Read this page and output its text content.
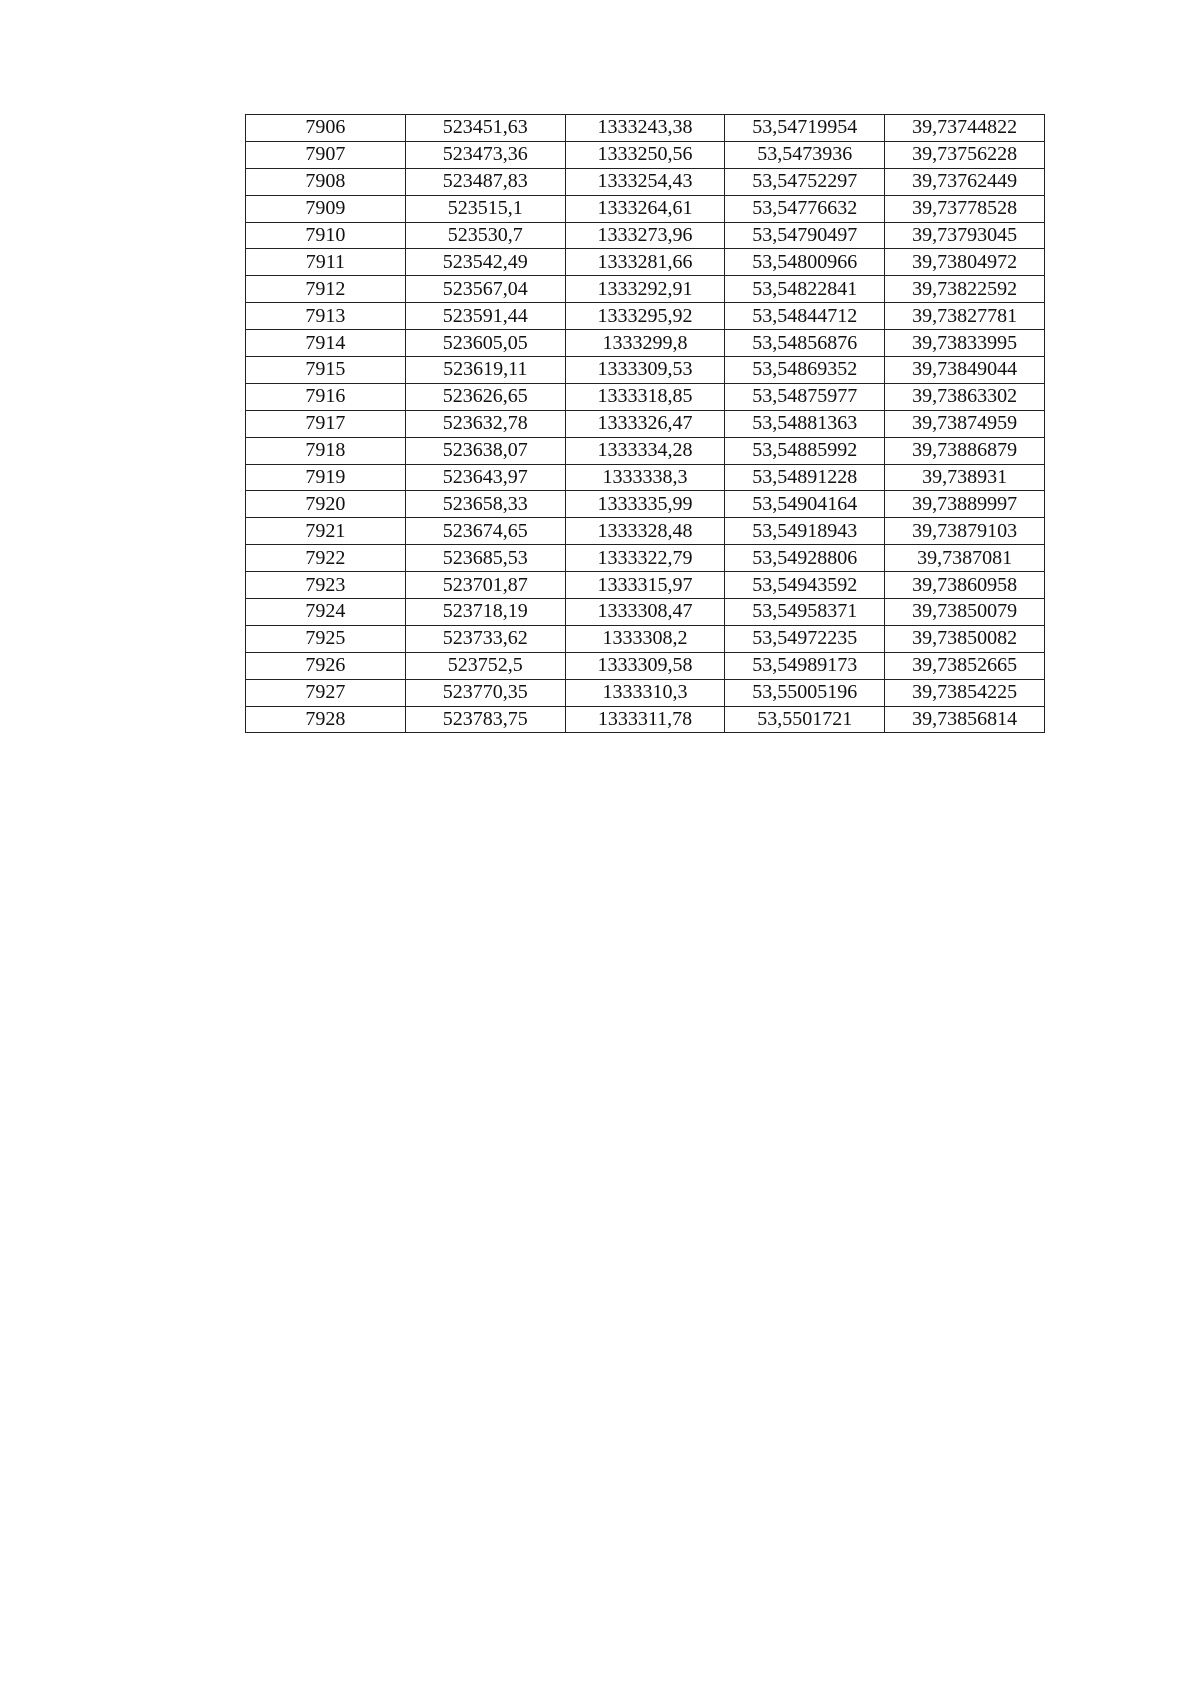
7906	523451,63	1333243,38	53,54719954	39,73744822
7907	523473,36	1333250,56	53,5473936	39,73756228
7908	523487,83	1333254,43	53,54752297	39,73762449
7909	523515,1	1333264,61	53,54776632	39,73778528
7910	523530,7	1333273,96	53,54790497	39,73793045
7911	523542,49	1333281,66	53,54800966	39,73804972
7912	523567,04	1333292,91	53,54822841	39,73822592
7913	523591,44	1333295,92	53,54844712	39,73827781
7914	523605,05	1333299,8	53,54856876	39,73833995
7915	523619,11	1333309,53	53,54869352	39,73849044
7916	523626,65	1333318,85	53,54875977	39,73863302
7917	523632,78	1333326,47	53,54881363	39,73874959
7918	523638,07	1333334,28	53,54885992	39,73886879
7919	523643,97	1333338,3	53,54891228	39,738931
7920	523658,33	1333335,99	53,54904164	39,73889997
7921	523674,65	1333328,48	53,54918943	39,73879103
7922	523685,53	1333322,79	53,54928806	39,7387081
7923	523701,87	1333315,97	53,54943592	39,73860958
7924	523718,19	1333308,47	53,54958371	39,73850079
7925	523733,62	1333308,2	53,54972235	39,73850082
7926	523752,5	1333309,58	53,54989173	39,73852665
7927	523770,35	1333310,3	53,55005196	39,73854225
7928	523783,75	1333311,78	53,5501721	39,73856814
